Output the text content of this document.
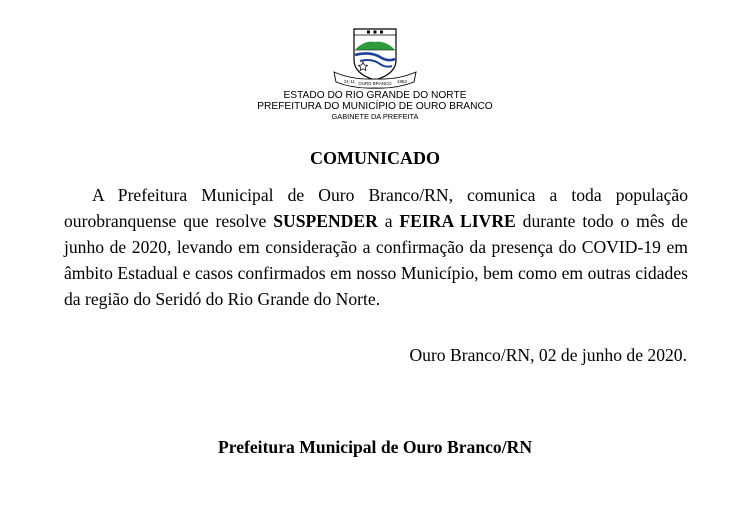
21-11 OURO BRANCO 1953
ESTADO DO RIO GRANDE DO NORTE
PREFEITURA DO MUNICÍPIO DE OURO BRANCO
GABINETE DA PREFEITA
COMUNICADO

A Prefeitura Municipal de Ouro Branco/RN, comunica a toda população ourobranquense que resolve SUSPENDER a FEIRA LIVRE durante todo o mês de junho de 2020, levando em consideração a confirmação da presença do COVID-19 em âmbito Estadual e casos confirmados em nosso Município, bem como em outras cidades da região do Seridó do Rio Grande do Norte.

Ouro Branco/RN, 02 de junho de 2020.
Prefeitura Municipal de Ouro Branco/RN
